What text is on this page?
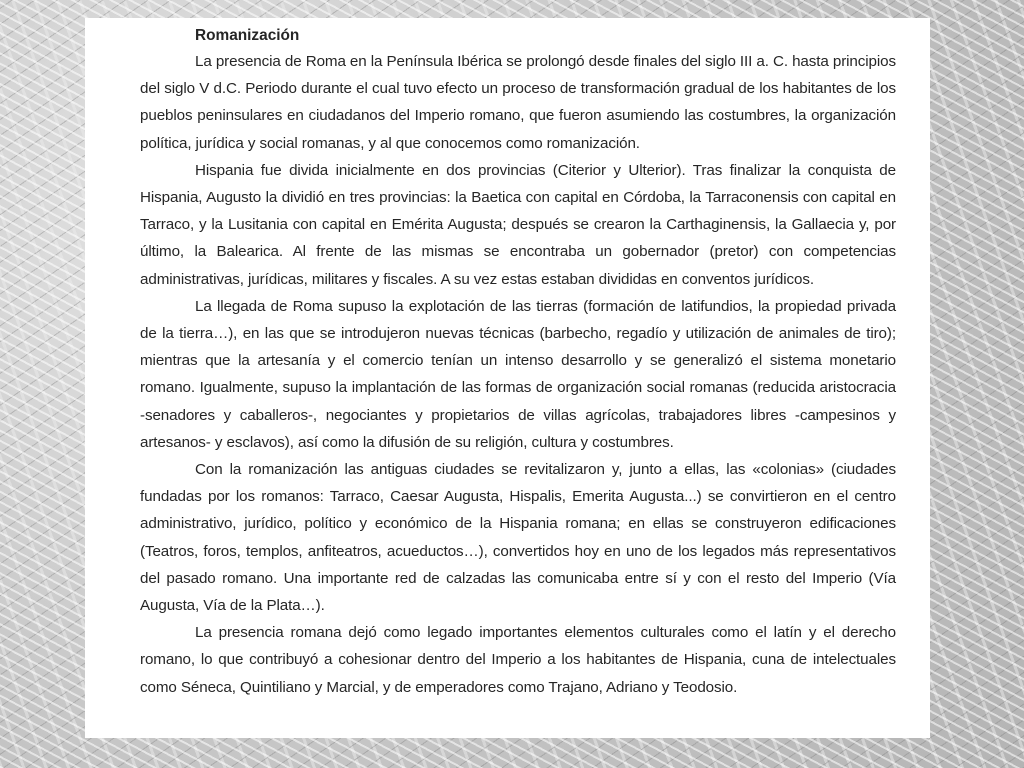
Romanización

La presencia de Roma en la Península Ibérica se prolongó desde finales del siglo III a. C. hasta principios del siglo V d.C. Periodo durante el cual tuvo efecto un proceso de transformación gradual de los habitantes de los pueblos peninsulares en ciudadanos del Imperio romano, que fueron asumiendo las costumbres, la organización política, jurídica y social romanas, y al que conocemos como romanización.

Hispania fue divida inicialmente en dos provincias (Citerior y Ulterior). Tras finalizar la conquista de Hispania, Augusto la dividió en tres provincias: la Baetica con capital en Córdoba, la Tarraconensis con capital en Tarraco, y la Lusitania con capital en Emérita Augusta; después se crearon la Carthaginensis, la Gallaecia y, por último, la Balearica. Al frente de las mismas se encontraba un gobernador (pretor) con competencias administrativas, jurídicas, militares y fiscales. A su vez estas estaban divididas en conventos jurídicos.

La llegada de Roma supuso la explotación de las tierras (formación de latifundios, la propiedad privada de la tierra…), en las que se introdujeron nuevas técnicas (barbecho, regadío y utilización de animales de tiro); mientras que la artesanía y el comercio tenían un intenso desarrollo y se generalizó el sistema monetario romano. Igualmente, supuso la implantación de las formas de organización social romanas (reducida aristocracia -senadores y caballeros-, negociantes y propietarios de villas agrícolas, trabajadores libres -campesinos y artesanos- y esclavos), así como la difusión de su religión, cultura y costumbres.

Con la romanización las antiguas ciudades se revitalizaron y, junto a ellas, las «colonias» (ciudades fundadas por los romanos: Tarraco, Caesar Augusta, Hispalis, Emerita Augusta...) se convirtieron en el centro administrativo, jurídico, político y económico de la Hispania romana; en ellas se construyeron edificaciones (Teatros, foros, templos, anfiteatros, acueductos…), convertidos hoy en uno de los legados más representativos del pasado romano. Una importante red de calzadas las comunicaba entre sí y con el resto del Imperio (Vía Augusta, Vía de la Plata…).

La presencia romana dejó como legado importantes elementos culturales como el latín y el derecho romano, lo que contribuyó a cohesionar dentro del Imperio a los habitantes de Hispania, cuna de intelectuales como Séneca, Quintiliano y Marcial, y de emperadores como Trajano, Adriano y Teodosio.
